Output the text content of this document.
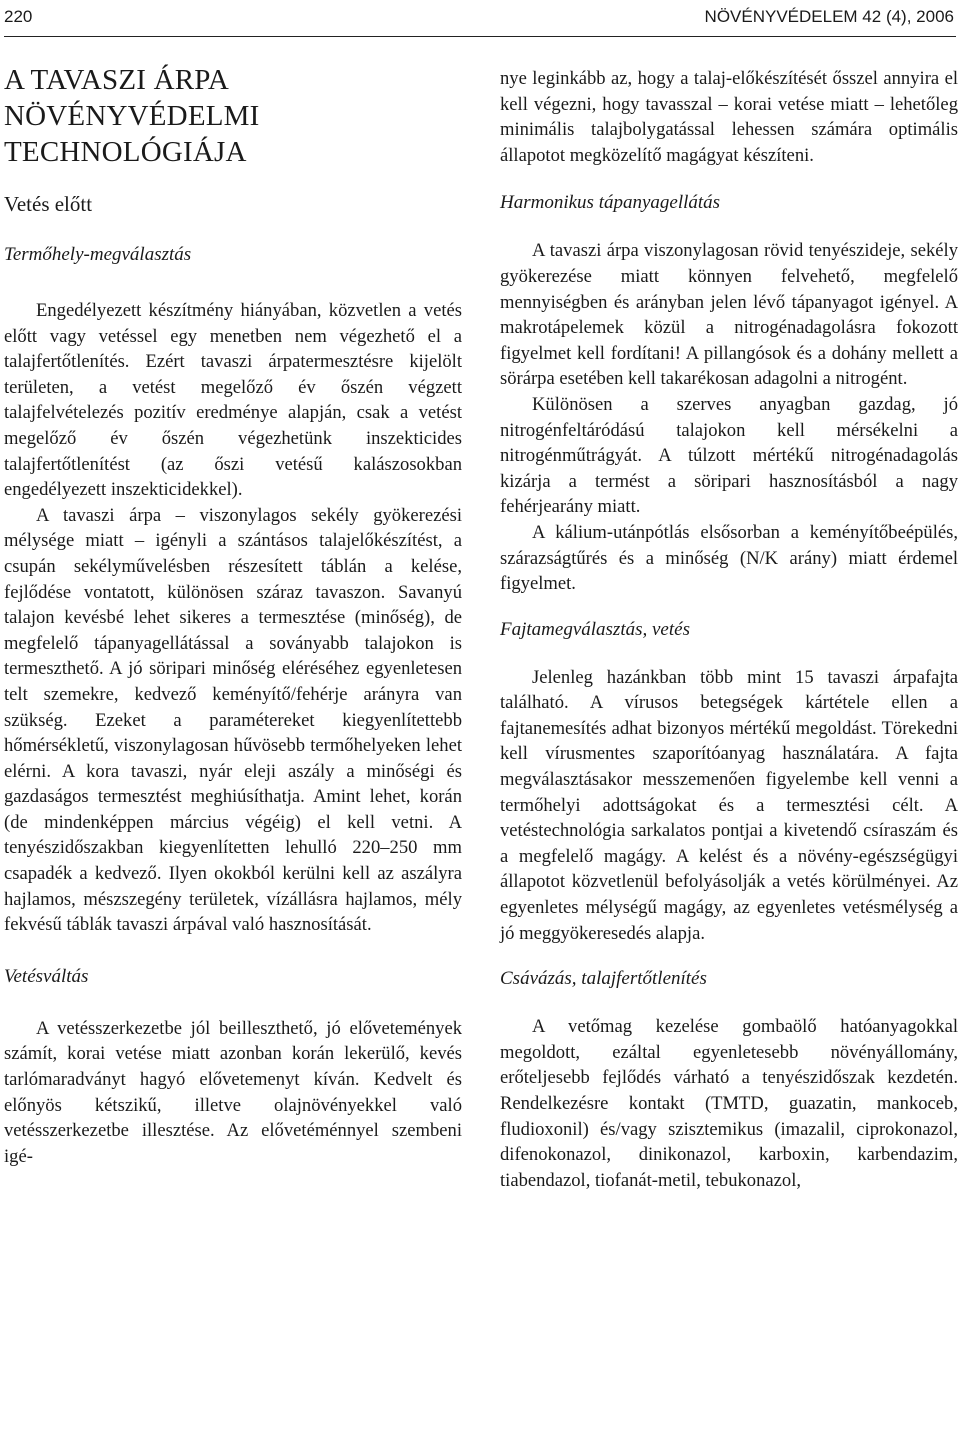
220	NÖVÉNYVÉDELEM 42 (4), 2006
A TAVASZI ÁRPA
NÖVÉNYVÉDELMI
TECHNOLÓGIÁJA
Vetés előtt
Termőhely-megválasztás

Engedélyezett készítmény hiányában, közvetlen a vetés előtt vagy vetéssel egy menetben nem végezhető el a talajfertőtlenítés. Ezért tavaszi árpatermesztésre kijelölt területen, a vetést megelőző év őszén végzett talajfelvételezés pozitív eredménye alapján, csak a vetést megelőző év őszén végezhetünk inszekticides talajfertőtlenítést (az őszi vetésű kalászosokban engedélyezett inszekticidekkel).

A tavaszi árpa – viszonylagos sekély gyökerezési mélysége miatt – igényli a szántásos talajelőkészítést, a csupán sekélyművelésben részesített táblán a kelése, fejlődése vontatott, különösen száraz tavaszon. Savanyú talajon kevésbé lehet sikeres a termesztése (minőség), de megfelelő tápanyagellátással a soványabb talajokon is termeszthető. A jó söripari minőség eléréséhez egyenletesen telt szemekre, kedvező keményítő/fehérje arányra van szükség. Ezeket a paramétereket kiegyenlítettebb hőmérsékletű, viszonylagosan hűvösebb termőhelyeken lehet elérni. A kora tavaszi, nyár eleji aszály a minőségi és gazdaságos termesztést meghiúsíthatja. Amint lehet, korán (de mindenképpen március végéig) el kell vetni. A tenyészidőszakban kiegyenlítetten lehulló 220–250 mm csapadék a kedvező. Ilyen okokból kerülni kell az aszályra hajlamos, mészszegény területek, vízállásra hajlamos, mély fekvésű táblák tavaszi árpával való hasznosítását.

Vetésváltás

A vetésszerkezetbe jól beilleszthető, jó elővetemények számít, korai vetése miatt azonban korán lekerülő, kevés tarlómaradványt hagyó elővetemenyt kíván. Kedvelt és előnyös kétszikű, illetve olajnövényekkel való vetésszerkezetbe illesztése. Az elővetéménnyel szembeni igé-

nye leginkább az, hogy a talaj-előkészítését ősszel annyira el kell végezni, hogy tavasszal – korai vetése miatt – lehetőleg minimális talajbolygatással lehessen számára optimális állapotot megközelítő magágyat készíteni.

Harmonikus tápanyagellátás

A tavaszi árpa viszonylagosan rövid tenyészideje, sekély gyökerezése miatt könnyen felvehető, megfelelő mennyiségben és arányban jelen lévő tápanyagot igényel. A makrotápelemek közül a nitrogénadagolásra fokozott figyelmet kell fordítani! A pillangósok és a dohány mellett a sörárpa esetében kell takarékosan adagolni a nitrogént.

Különösen a szerves anyagban gazdag, jó nitrogénfeltáródású talajokon kell mérsékelni a nitrogénműtrágyát. A túlzott mértékű nitrogénadagolás kizárja a termést a söripari hasznosításból a nagy fehérjearány miatt.

A kálium-utánpótlás elsősorban a keményítőbeépülés, szárazságtűrés és a minőség (N/K arány) miatt érdemel figyelmet.

Fajtamegválasztás, vetés

Jelenleg hazánkban több mint 15 tavaszi árpafajta található. A vírusos betegségek kártétele ellen a fajtanemesítés adhat bizonyos mértékű megoldást. Törekedni kell vírusmentes szaporítóanyag használatára. A fajta megválasztásakor messzemenően figyelembe kell venni a termőhelyi adottságokat és a termesztési célt. A vetéstechnológia sarkalatos pontjai a kivetendő csíraszám és a megfelelő magágy. A kelést és a növény-egészségügyi állapotot közvetlenül befolyásolják a vetés körülményei. Az egyenletes mélységű magágy, az egyenletes vetésmélység a jó meggyökeresedés alapja.

Csávázás, talajfertőtlenítés

A vetőmag kezelése gombaölő hatóanyagokkal megoldott, ezáltal egyenletesebb növényállomány, erőteljesebb fejlődés várható a tenyészidőszak kezdetén. Rendelkezésre kontakt (TMTD, guazatin, mankoceb, fludioxonil) és/vagy szisztemikus (imazalil, ciprokonazol, difenokonazol, dinikonazol, karboxin, karbendazim, tiabendazol, tiofanát-metil, tebukonazol,
